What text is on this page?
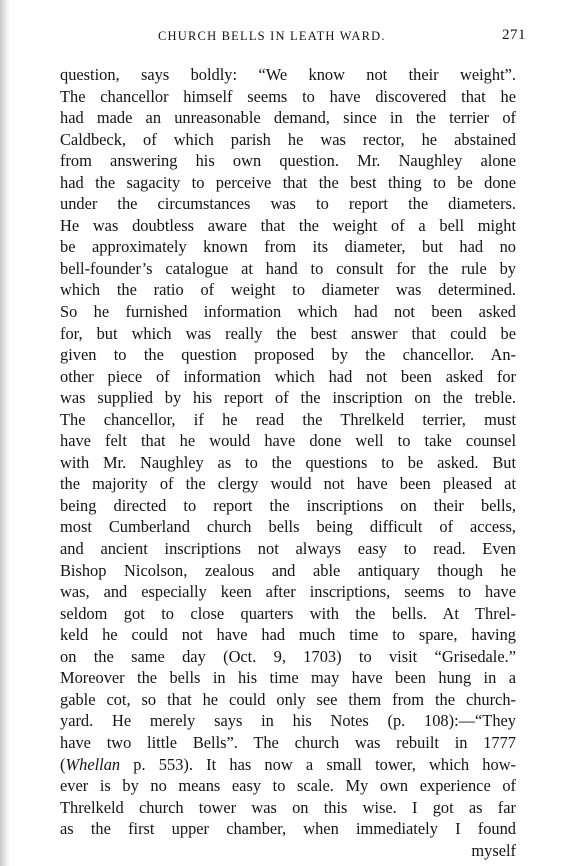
CHURCH BELLS IN LEATH WARD.	271
question, says boldly: “We know not their weight”.
The chancellor himself seems to have discovered that he
had made an unreasonable demand, since in the terrier of
Caldbeck, of which parish he was rector, he abstained
from answering his own question. Mr. Naughley alone
had the sagacity to perceive that the best thing to be done
under the circumstances was to report the diameters.
He was doubtless aware that the weight of a bell might
be approximately known from its diameter, but had no
bell-founder’s catalogue at hand to consult for the rule by
which the ratio of weight to diameter was determined.
So he furnished information which had not been asked
for, but which was really the best answer that could be
given to the question proposed by the chancellor. An-
other piece of information which had not been asked for
was supplied by his report of the inscription on the treble.
The chancellor, if he read the Threlkeld terrier, must
have felt that he would have done well to take counsel
with Mr. Naughley as to the questions to be asked. But
the majority of the clergy would not have been pleased at
being directed to report the inscriptions on their bells,
most Cumberland church bells being difficult of access,
and ancient inscriptions not always easy to read. Even
Bishop Nicolson, zealous and able antiquary though he
was, and especially keen after inscriptions, seems to have
seldom got to close quarters with the bells. At Threl-
keld he could not have had much time to spare, having
on the same day (Oct. 9, 1703) to visit “Grisedale.”
Moreover the bells in his time may have been hung in a
gable cot, so that he could only see them from the church-
yard. He merely says in his Notes (p. 108):—“They
have two little Bells”. The church was rebuilt in 1777
(Whellan p. 553). It has now a small tower, which how-
ever is by no means easy to scale. My own experience of
Threlkeld church tower was on this wise. I got as far
as the first upper chamber, when immediately I found
myself
